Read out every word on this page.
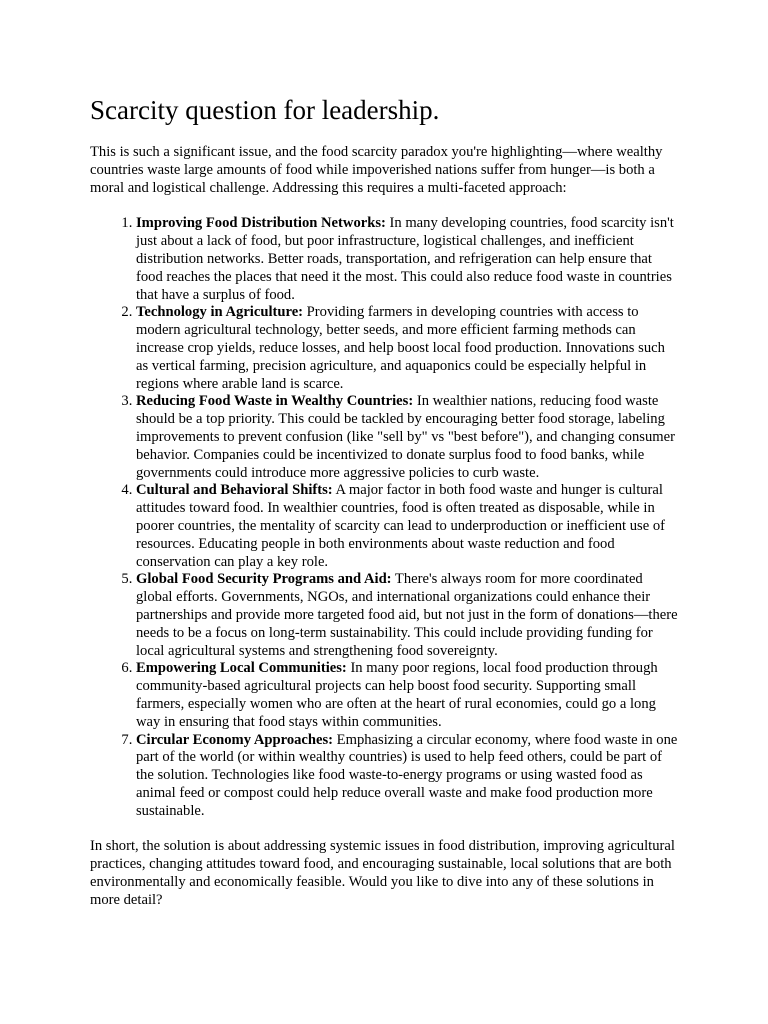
Scarcity question for leadership.

This is such a significant issue, and the food scarcity paradox you're highlighting—where wealthy countries waste large amounts of food while impoverished nations suffer from hunger—is both a moral and logistical challenge. Addressing this requires a multi-faceted approach:

1. Improving Food Distribution Networks: In many developing countries, food scarcity isn't just about a lack of food, but poor infrastructure, logistical challenges, and inefficient distribution networks. Better roads, transportation, and refrigeration can help ensure that food reaches the places that need it the most. This could also reduce food waste in countries that have a surplus of food.
2. Technology in Agriculture: Providing farmers in developing countries with access to modern agricultural technology, better seeds, and more efficient farming methods can increase crop yields, reduce losses, and help boost local food production. Innovations such as vertical farming, precision agriculture, and aquaponics could be especially helpful in regions where arable land is scarce.
3. Reducing Food Waste in Wealthy Countries: In wealthier nations, reducing food waste should be a top priority. This could be tackled by encouraging better food storage, labeling improvements to prevent confusion (like "sell by" vs "best before"), and changing consumer behavior. Companies could be incentivized to donate surplus food to food banks, while governments could introduce more aggressive policies to curb waste.
4. Cultural and Behavioral Shifts: A major factor in both food waste and hunger is cultural attitudes toward food. In wealthier countries, food is often treated as disposable, while in poorer countries, the mentality of scarcity can lead to underproduction or inefficient use of resources. Educating people in both environments about waste reduction and food conservation can play a key role.
5. Global Food Security Programs and Aid: There's always room for more coordinated global efforts. Governments, NGOs, and international organizations could enhance their partnerships and provide more targeted food aid, but not just in the form of donations—there needs to be a focus on long-term sustainability. This could include providing funding for local agricultural systems and strengthening food sovereignty.
6. Empowering Local Communities: In many poor regions, local food production through community-based agricultural projects can help boost food security. Supporting small farmers, especially women who are often at the heart of rural economies, could go a long way in ensuring that food stays within communities.
7. Circular Economy Approaches: Emphasizing a circular economy, where food waste in one part of the world (or within wealthy countries) is used to help feed others, could be part of the solution. Technologies like food waste-to-energy programs or using wasted food as animal feed or compost could help reduce overall waste and make food production more sustainable.

In short, the solution is about addressing systemic issues in food distribution, improving agricultural practices, changing attitudes toward food, and encouraging sustainable, local solutions that are both environmentally and economically feasible. Would you like to dive into any of these solutions in more detail?
